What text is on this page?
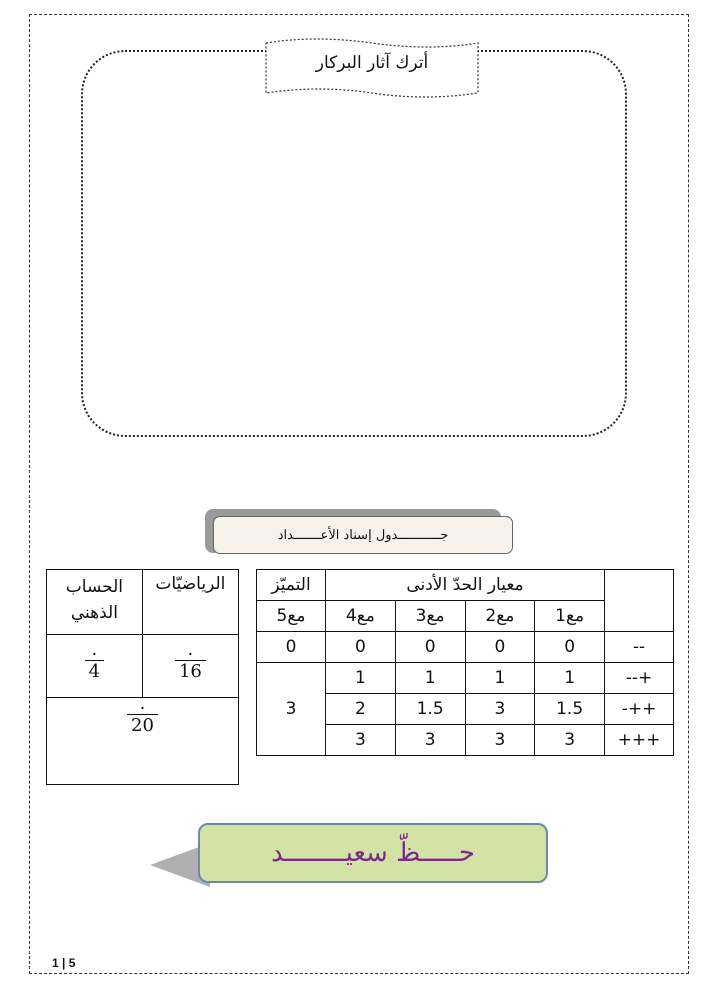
أترك آثار البركار
جـــــــــــدول إسناد الأعـــــــداد
	معيار الحدّ الأدنى				التميّز
	مع1	مع2	مع3	مع4	مع5
--	0	0	0	0	0
+--	1	1	1	1	3
++-	1.5	3	1.5	2	
+++	3	3	3	3	
الرياضيّات	الحساب الذهني

$\frac{\cdot}{16}$	$\frac{\cdot}{4}$

$\frac{\cdot}{20}$
حـــــظّ سعيــــــــد
1 | 5
